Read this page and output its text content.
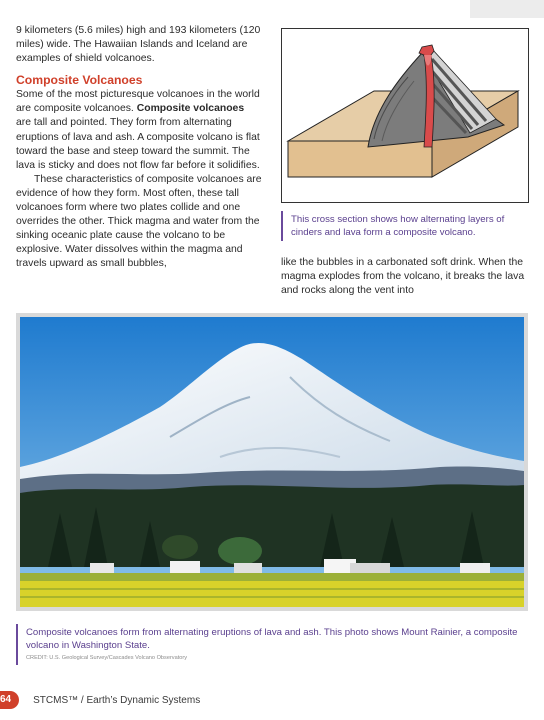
9 kilometers (5.6 miles) high and 193 kilometers (120 miles) wide. The Hawaiian Islands and Iceland are examples of shield volcanoes.

Composite Volcanoes

Some of the most picturesque volcanoes in the world are composite volcanoes. Composite volcanoes are tall and pointed. They form from alternating eruptions of lava and ash. A composite volcano is flat toward the base and steep toward the summit. The lava is sticky and does not flow far before it solidifies.

These characteristics of composite volcanoes are evidence of how they form. Most often, these tall volcanoes form where two plates collide and one overrides the other. Thick magma and water from the sinking oceanic plate cause the volcano to be explosive. Water dissolves within the magma and travels upward as small bubbles,

This cross section shows how alternating layers of cinders and lava form a composite volcano.

like the bubbles in a carbonated soft drink. When the magma explodes from the volcano, it breaks the lava and rocks along the vent into

Composite volcanoes form from alternating eruptions of lava and ash. This photo shows Mount Rainier, a composite volcano in Washington State.
CREDIT: U.S. Geological Survey/Cascades Volcano Observatory
64	STCMS™ / Earth’s Dynamic Systems
